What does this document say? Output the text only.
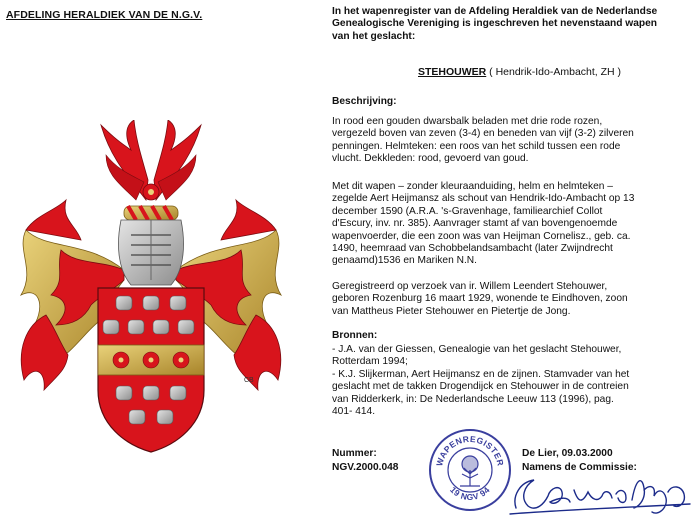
AFDELING HERALDIEK VAN DE N.G.V.
CB
In het wapenregister van de Afdeling Heraldiek van de Nederlandse
Genealogische Vereniging is ingeschreven het nevenstaand wapen
van het geslacht:
STEHOUWER ( Hendrik-Ido-Ambacht, ZH )
Beschrijving:

In rood een gouden dwarsbalk beladen met drie rode rozen,

vergezeld boven van zeven (3-4) en beneden van vijf (3-2) zilveren

penningen. Helmteken: een roos van het schild tussen een rode

vlucht. Dekkleden: rood, gevoerd van goud.

Met dit wapen – zonder kleuraanduiding, helm en helmteken –

zegelde Aert Heijmansz als schout van Hendrik-Ido-Ambacht op 13

december 1590 (A.R.A. 's-Gravenhage, familiearchief Collot

d'Escury, inv. nr. 385). Aanvrager stamt af van bovengenoemde

wapenvoerder, die een zoon was van Heijman Cornelisz., geb. ca.

1490, heemraad van Schobbelandsambacht (later Zwijndrecht

genaamd)1536 en Mariken N.N.

Geregistreerd op verzoek van ir. Willem Leendert Stehouwer,

geboren Rozenburg 16 maart 1929, wonende te Eindhoven, zoon

van Mattheus Pieter Stehouwer en Pietertje de Jong.

Bronnen:

- J.A. van der Giessen, Genealogie van het geslacht Stehouwer,

Rotterdam 1994;

- K.J. Slijkerman, Aert Heijmansz en de zijnen. Stamvader van het

geslacht met de takken Drogendijck en Stehouwer in de contreien

van Ridderkerk, in: De Nederlandsche Leeuw 113 (1996), pag.

401- 414.

Nummer:
NGV.2000.048
De Lier, 09.03.2000
Namens de Commissie:
WAPENREGISTER
19 NGV 94
